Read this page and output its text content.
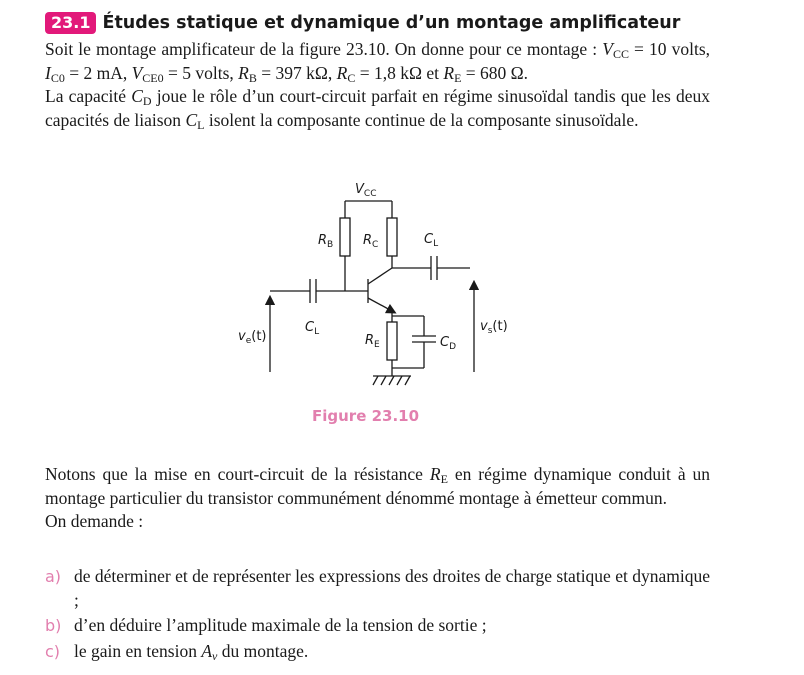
23.1 Études statique et dynamique d’un montage amplificateur

Soit le montage amplificateur de la figure 23.10. On donne pour ce montage : $V_{CC} = 10$ volts, $I_{C0} = 2$ mA, $V_{CE0} = 5$ volts, $R_B = 397$ kΩ, $R_C = 1,8$ kΩ et $R_E = 680$ Ω.

La capacité $C_D$ joue le rôle d’un court-circuit parfait en régime sinusoïdal tandis que les deux capacités de liaison $C_L$ isolent la composante continue de la composante sinusoïdale.

$V_{CC}$
$R_B$ $R_C$	$C_L$
$C_L$
$R_E$	$C_D$
$v_e(t)$
$v_s(t)$
Figure 23.10

Notons que la mise en court-circuit de la résistance $R_E$ en régime dynamique conduit à un montage particulier du transistor communément dénommé montage à émetteur commun.

On demande :

a) de déterminer et de représenter les expressions des droites de charge statique et dynamique ;
b) d’en déduire l’amplitude maximale de la tension de sortie ;
c) le gain en tension $A_v$ du montage.
